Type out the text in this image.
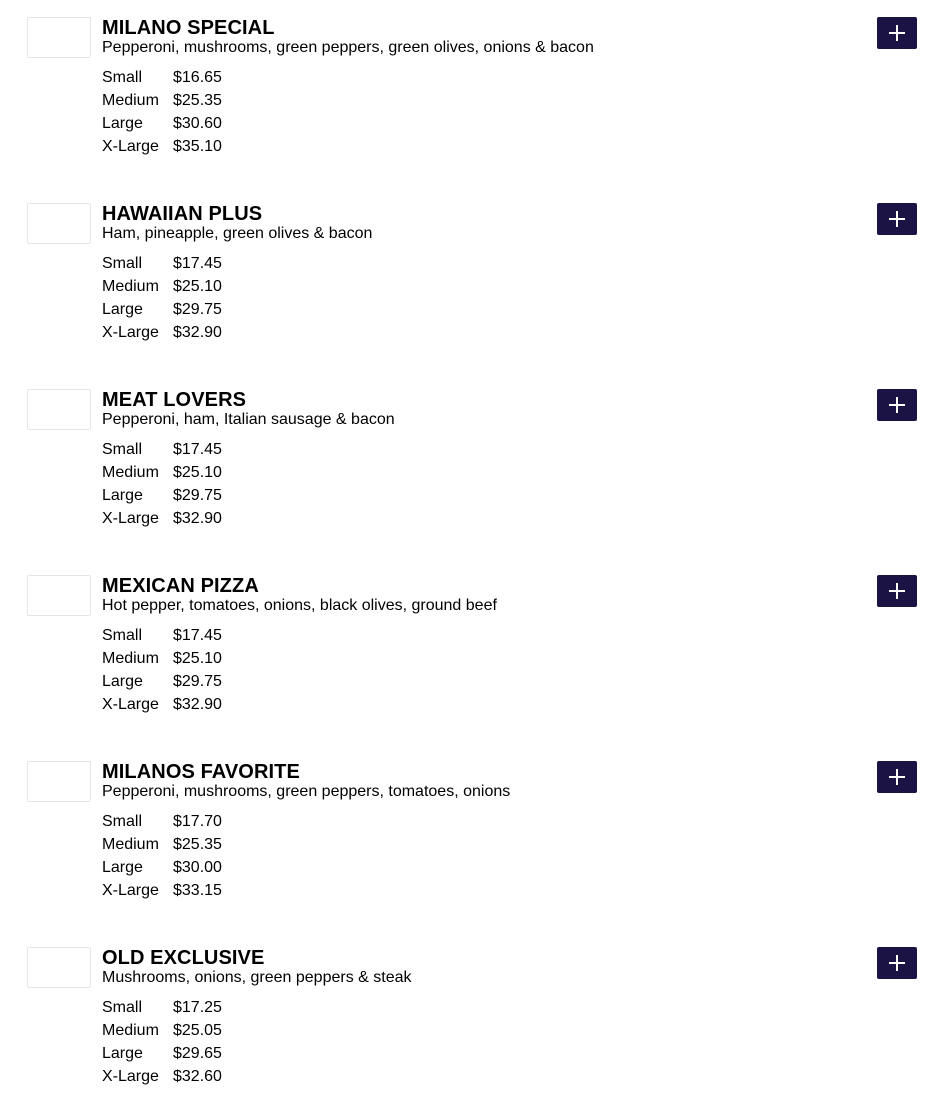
MILANO SPECIAL
Pepperoni, mushrooms, green peppers, green olives, onions & bacon
Small	$16.65
Medium	$25.35
Large	$30.60
X-Large	$35.10
HAWAIIAN PLUS
Ham, pineapple, green olives & bacon
Small	$17.45
Medium	$25.10
Large	$29.75
X-Large	$32.90
MEAT LOVERS
Pepperoni, ham, Italian sausage & bacon
Small	$17.45
Medium	$25.10
Large	$29.75
X-Large	$32.90
MEXICAN PIZZA
Hot pepper, tomatoes, onions, black olives, ground beef
Small	$17.45
Medium	$25.10
Large	$29.75
X-Large	$32.90
MILANOS FAVORITE
Pepperoni, mushrooms, green peppers, tomatoes, onions
Small	$17.70
Medium	$25.35
Large	$30.00
X-Large	$33.15
OLD EXCLUSIVE
Mushrooms, onions, green peppers & steak
Small	$17.25
Medium	$25.05
Large	$29.65
X-Large	$32.60
